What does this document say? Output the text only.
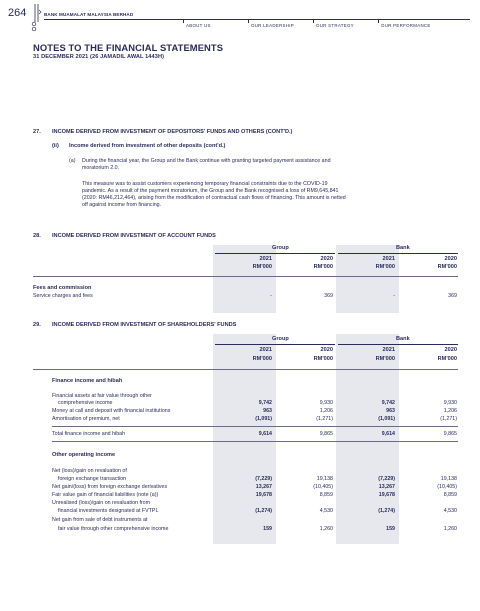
264	BANK MUAMALAT MALAYSIA BERHAD
ABOUT US	OUR LEADERSHIP	OUR STRATEGY	OUR PERFORMANCE
NOTES TO THE FINANCIAL STATEMENTS
31 DECEMBER 2021 (26 JAMADIL AWAL 1443H)
27. INCOME DERIVED FROM INVESTMENT OF DEPOSITORS' FUNDS AND OTHERS (CONT'D.)
(ii) Income derived from investment of other deposits (cont'd.)
(a) During the financial year, the Group and the Bank continue with granting targeted payment assistance and
moratorium 2.0.
This measure was to assist customers experiencing temporary financial constraints due to the COVID-19
pandemic. As a result of the payment moratorium, the Group and the Bank recognised a loss of RM9,645,841
(2020: RM46,212,464), arising from the modification of contractual cash flows of financing. This amount is netted
off against income from financing.
28. INCOME DERIVED FROM INVESTMENT OF ACCOUNT FUNDS
Group	Bank
2021	2020	2021	2020
RM'000	RM'000	RM'000	RM'000
Fees and commission
Service charges and fees	-	369	-	369
29. INCOME DERIVED FROM INVESTMENT OF SHAREHOLDERS' FUNDS
Group	Bank
2021	2020	2021	2020
RM'000	RM'000	RM'000	RM'000
Finance income and hibah
Financial assets at fair value through other
comprehensive income	9,742	9,930	9,742	9,930
Money at call and deposit with financial institutions	963	1,206	963	1,206
Amortisation of premium, net	(1,091)	(1,271)	(1,091)	(1,271)
Total finance income and hibah	9,614	9,865	9,614	9,865
Other operating income
Net (loss)/gain on revaluation of
foreign exchange transaction	(7,229)	19,138	(7,229)	19,138
Net gain/(loss) from foreign exchange derivatives	13,267	(10,405)	13,267	(10,405)
Fair value gain of financial liabilities (note (a))	19,678	8,859	19,678	8,859
Unrealised (loss)/gain on revaluation from
financial investments designated at FVTPL	(1,274)	4,530	(1,274)	4,530
Net gain from sale of debt instruments at
fair value through other comprehensive income	159	1,260	159	1,260
